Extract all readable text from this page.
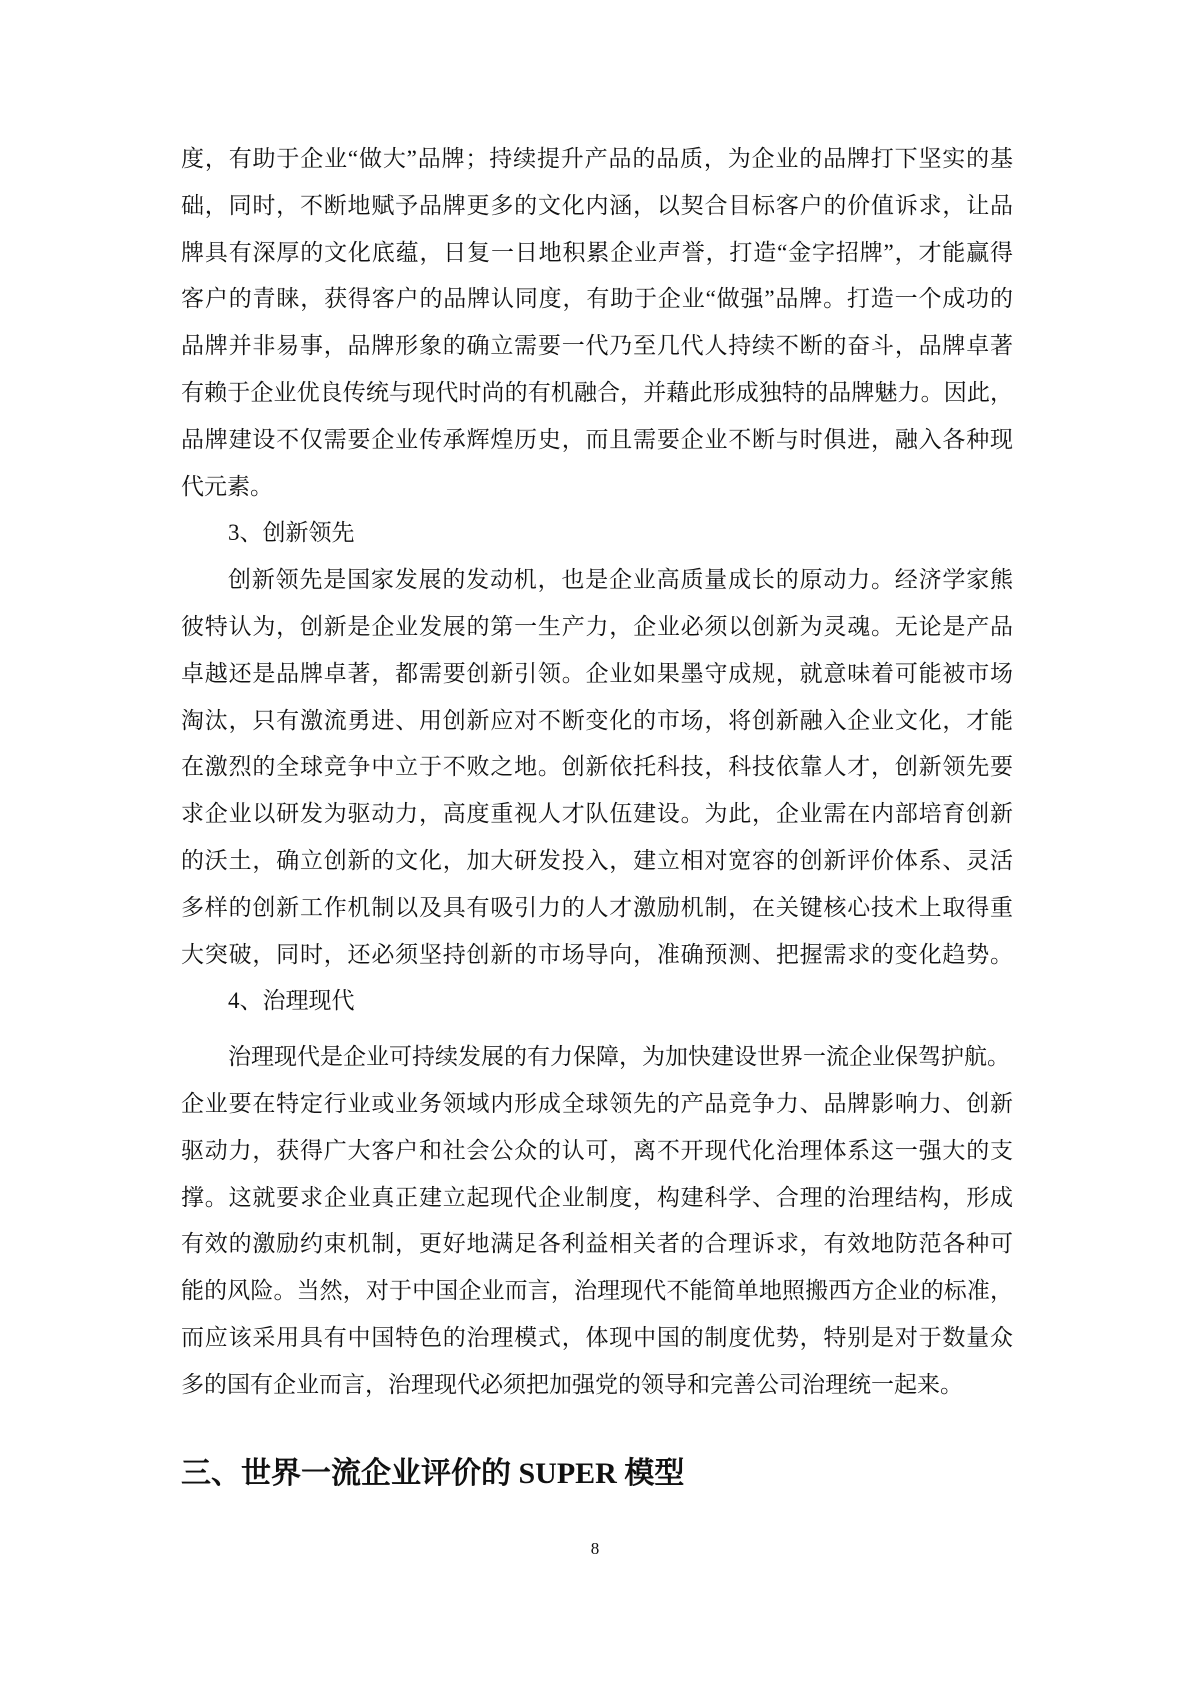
度，有助于企业“做大”品牌；持续提升产品的品质，为企业的品牌打下坚实的基
础，同时，不断地赋予品牌更多的文化内涵，以契合目标客户的价值诉求，让品
牌具有深厚的文化底蕴，日复一日地积累企业声誉，打造“金字招牌”，才能赢得
客户的青睐，获得客户的品牌认同度，有助于企业“做强”品牌。打造一个成功的
品牌并非易事，品牌形象的确立需要一代乃至几代人持续不断的奋斗，品牌卓著
有赖于企业优良传统与现代时尚的有机融合，并藉此形成独特的品牌魅力。因此，
品牌建设不仅需要企业传承辉煌历史，而且需要企业不断与时俱进，融入各种现
代元素。
3、创新领先
创新领先是国家发展的发动机，也是企业高质量成长的原动力。经济学家熊
彼特认为，创新是企业发展的第一生产力，企业必须以创新为灵魂。无论是产品
卓越还是品牌卓著，都需要创新引领。企业如果墨守成规，就意味着可能被市场
淘汰，只有激流勇进、用创新应对不断变化的市场，将创新融入企业文化，才能
在激烈的全球竞争中立于不败之地。创新依托科技，科技依靠人才，创新领先要
求企业以研发为驱动力，高度重视人才队伍建设。为此，企业需在内部培育创新
的沃土，确立创新的文化，加大研发投入，建立相对宽容的创新评价体系、灵活
多样的创新工作机制以及具有吸引力的人才激励机制，在关键核心技术上取得重
大突破，同时，还必须坚持创新的市场导向，准确预测、把握需求的变化趋势。
4、治理现代
治理现代是企业可持续发展的有力保障，为加快建设世界一流企业保驾护航。
企业要在特定行业或业务领域内形成全球领先的产品竞争力、品牌影响力、创新
驱动力，获得广大客户和社会公众的认可，离不开现代化治理体系这一强大的支
撑。这就要求企业真正建立起现代企业制度，构建科学、合理的治理结构，形成
有效的激励约束机制，更好地满足各利益相关者的合理诉求，有效地防范各种可
能的风险。当然，对于中国企业而言，治理现代不能简单地照搬西方企业的标准，
而应该采用具有中国特色的治理模式，体现中国的制度优势，特别是对于数量众
多的国有企业而言，治理现代必须把加强党的领导和完善公司治理统一起来。
三、世界一流企业评价的 SUPER 模型
8
